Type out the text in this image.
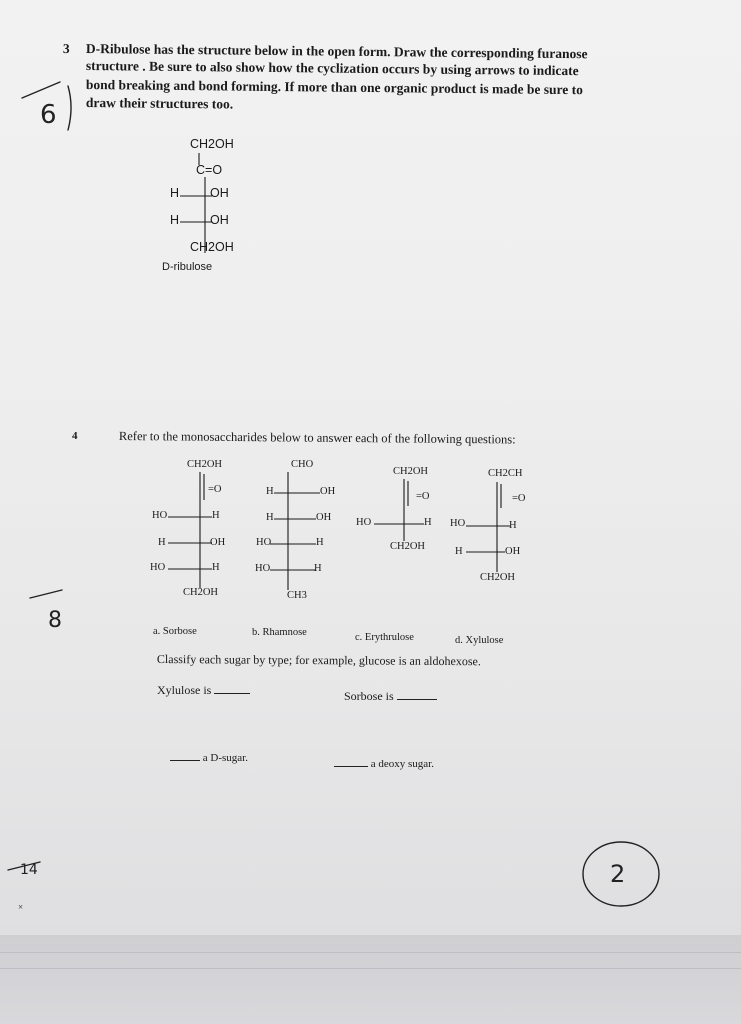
3 D-Ribulose has the structure below in the open form. Draw the corresponding furanose
structure . Be sure to also show how the cyclization occurs by using arrows to indicate
bond breaking and bond forming. If more than one organic product is made be sure to
draw their structures too.
6
CH2OH
C=O
H OH
H OH
CH2OH
D-ribulose
4	Refer to the monosaccharides below to answer each of the following questions:
CH2OH
=O
HO	H
H	OH
HO	H
CH2OH
CHO
H	OH
H	OH
HO	H
HO	H
CH3
CH2OH
=O
HO	H
CH2OH
CH2CH
=O
HO	H
H	OH
CH2OH
a. Sorbose	b. Rhamnose	c. Erythrulose	d. Xylulose
8
Classify each sugar by type; for example, glucose is an aldohexose.
Xylulose is	Sorbose is
a D-sugar.	a deoxy sugar.
14
×
2
